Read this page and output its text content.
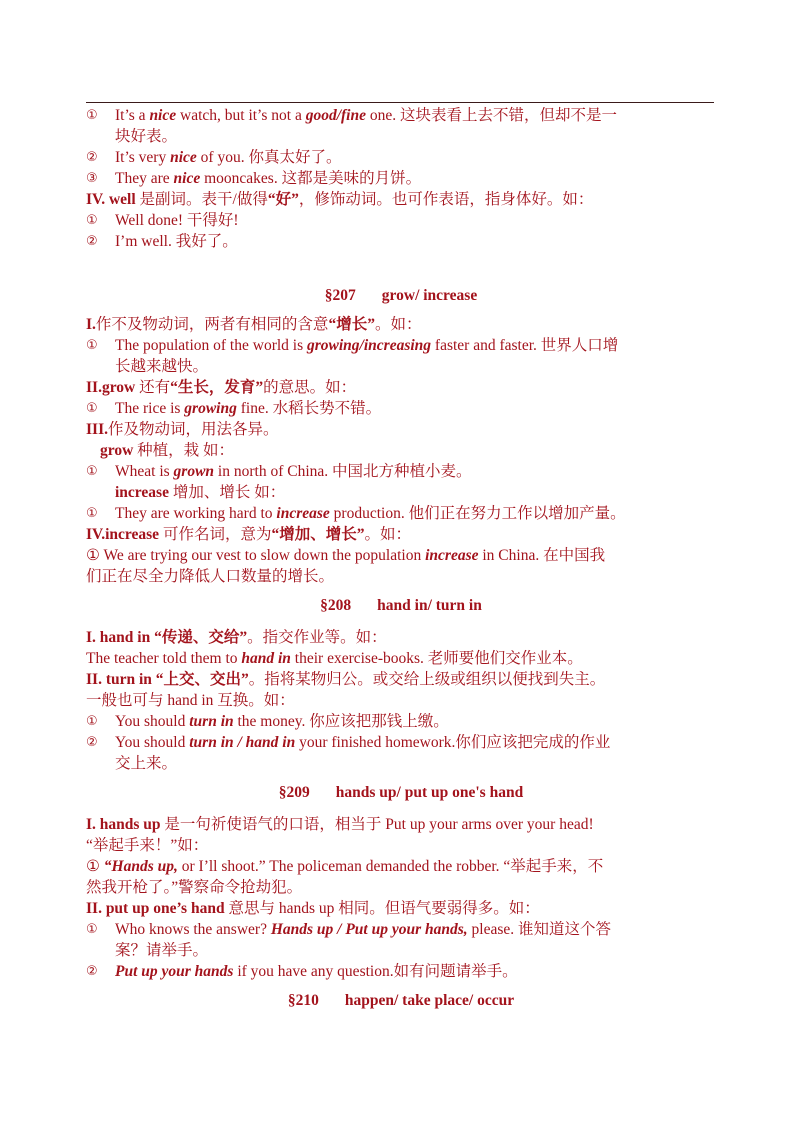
①	It’s a nice watch, but it’s not a good/fine one. 这块表看上去不错，但却不是一
块好表。
②	It’s very nice of you. 你真太好了。
③	They are nice mooncakes. 这都是美味的月饼。
IV. well 是副词。表干/做得“好”，修饰动词。也可作表语，指身体好。如：
①	Well done! 干得好!
②	I’m well. 我好了。
§207 grow/ increase
I.作不及物动词，两者有相同的含意“增长”。如：
①	The population of the world is growing/increasing faster and faster. 世界人口增
长越来越快。
II.grow 还有“生长，发育”的意思。如：
①	The rice is growing fine. 水稻长势不错。
III.作及物动词，用法各异。
grow 种植，栽 如：
①	Wheat is grown in north of China. 中国北方种植小麦。
increase 增加、增长 如：
①	They are working hard to increase production. 他们正在努力工作以增加产量。
IV.increase 可作名词，意为“增加、增长”。如：
① We are trying our vest to slow down the population increase in China. 在中国我
们正在尽全力降低人口数量的增长。
§208 hand in/ turn in
I. hand in “传递、交给”。指交作业等。如：
The teacher told them to hand in their exercise-books. 老师要他们交作业本。
II. turn in “上交、交出”。指将某物归公。或交给上级或组织以便找到失主。
一般也可与 hand in 互换。如：
①	You should turn in the money. 你应该把那钱上缴。
②	You should turn in / hand in your finished homework.你们应该把完成的作业
交上来。
§209 hands up/ put up one's hand
I. hands up 是一句祈使语气的口语，相当于 Put up your arms over your head!
“举起手来！”如：
① “Hands up, or I’ll shoot.” The policeman demanded the robber. “举起手来，不
然我开枪了。”警察命令抢劫犯。
II. put up one’s hand 意思与 hands up 相同。但语气要弱得多。如：
①	Who knows the answer? Hands up / Put up your hands, please. 谁知道这个答
案？请举手。
②	Put up your hands if you have any question.如有问题请举手。
§210 happen/ take place/ occur
